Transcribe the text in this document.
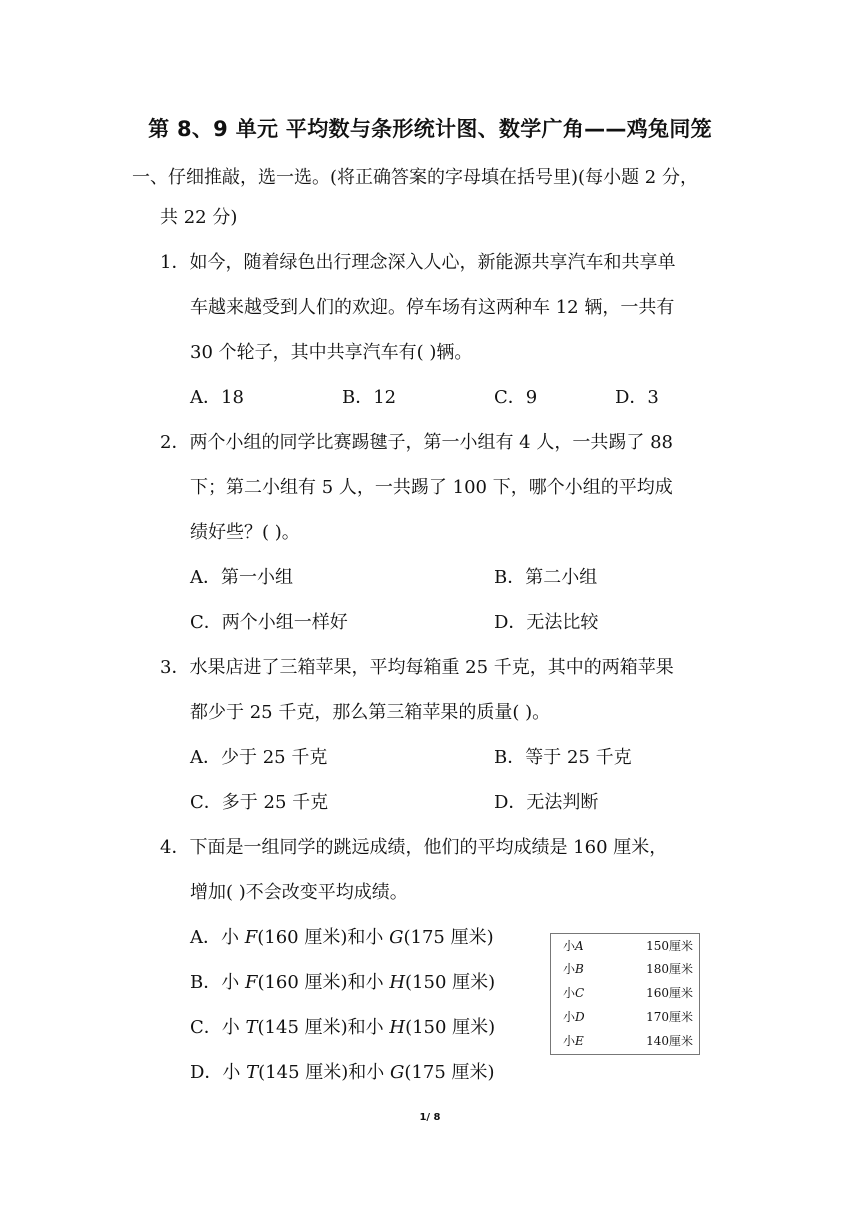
第 8、9 单元 平均数与条形统计图、数学广角——鸡兔同笼
一、仔细推敲，选一选。(将正确答案的字母填在括号里)(每小题 2 分，
共 22 分)
1．如今，随着绿色出行理念深入人心，新能源共享汽车和共享单
车越来越受到人们的欢迎。停车场有这两种车 12 辆，一共有
30 个轮子，其中共享汽车有( )辆。
A．18	B．12	C．9	D．3
2．两个小组的同学比赛踢毽子，第一小组有 4 人，一共踢了 88
下；第二小组有 5 人，一共踢了 100 下，哪个小组的平均成
绩好些？( )。
A．第一小组	B．第二小组
C．两个小组一样好	D．无法比较
3．水果店进了三箱苹果，平均每箱重 25 千克，其中的两箱苹果
都少于 25 千克，那么第三箱苹果的质量( )。
A．少于 25 千克	B．等于 25 千克
C．多于 25 千克	D．无法判断
4．下面是一组同学的跳远成绩，他们的平均成绩是 160 厘米，
增加( )不会改变平均成绩。
A．小 F(160 厘米)和小 G(175 厘米)
B．小 F(160 厘米)和小 H(150 厘米)
C．小 T(145 厘米)和小 H(150 厘米)
D．小 T(145 厘米)和小 G(175 厘米)
小A	150厘米
小B	180厘米
小C	160厘米
小D	170厘米
小E	140厘米
1/ 8
